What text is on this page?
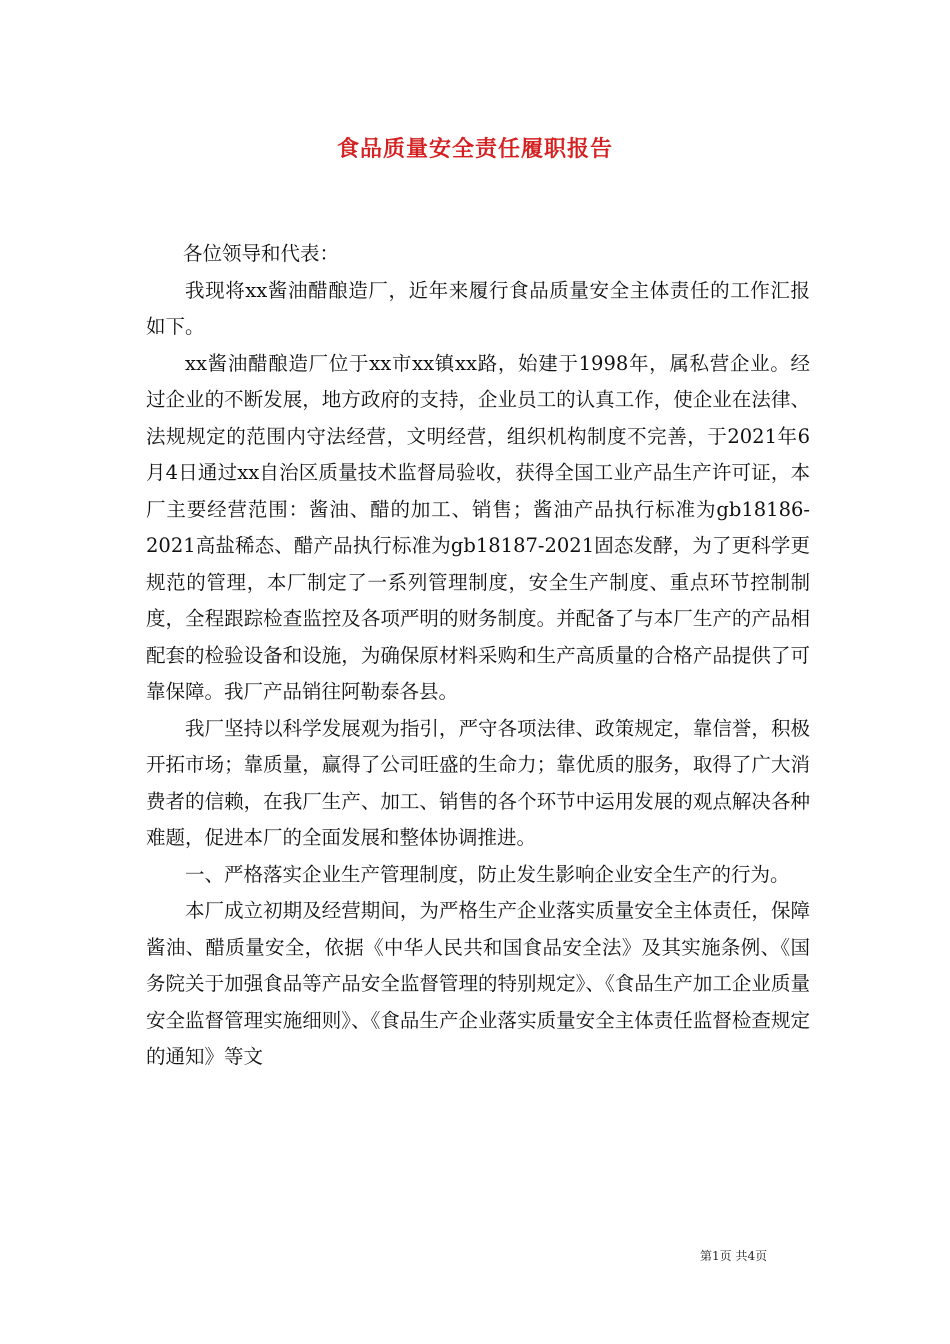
食品质量安全责任履职报告

各位领导和代表：

我现将xx酱油醋酿造厂，近年来履行食品质量安全主体责任的工作汇报如下。

xx酱油醋酿造厂位于xx市xx镇xx路，始建于1998年，属私营企业。经过企业的不断发展，地方政府的支持，企业员工的认真工作，使企业在法律、法规规定的范围内守法经营，文明经营，组织机构制度不完善，于2021年6月4日通过xx自治区质量技术监督局验收，获得全国工业产品生产许可证，本厂主要经营范围：酱油、醋的加工、销售；酱油产品执行标准为gb18186-2021高盐稀态、醋产品执行标准为gb18187-2021固态发酵，为了更科学更规范的管理，本厂制定了一系列管理制度，安全生产制度、重点环节控制制度，全程跟踪检查监控及各项严明的财务制度。并配备了与本厂生产的产品相配套的检验设备和设施，为确保原材料采购和生产高质量的合格产品提供了可靠保障。我厂产品销往阿勒泰各县。

我厂坚持以科学发展观为指引，严守各项法律、政策规定，靠信誉，积极开拓市场；靠质量，赢得了公司旺盛的生命力；靠优质的服务，取得了广大消费者的信赖，在我厂生产、加工、销售的各个环节中运用发展的观点解决各种难题，促进本厂的全面发展和整体协调推进。

一、严格落实企业生产管理制度，防止发生影响企业安全生产的行为。

本厂成立初期及经营期间，为严格生产企业落实质量安全主体责任，保障酱油、醋质量安全，依据《中华人民共和国食品安全法》及其实施条例、《国务院关于加强食品等产品安全监督管理的特别规定》、《食品生产加工企业质量安全监督管理实施细则》、《食品生产企业落实质量安全主体责任监督检查规定的通知》等文

第1页 共4页
